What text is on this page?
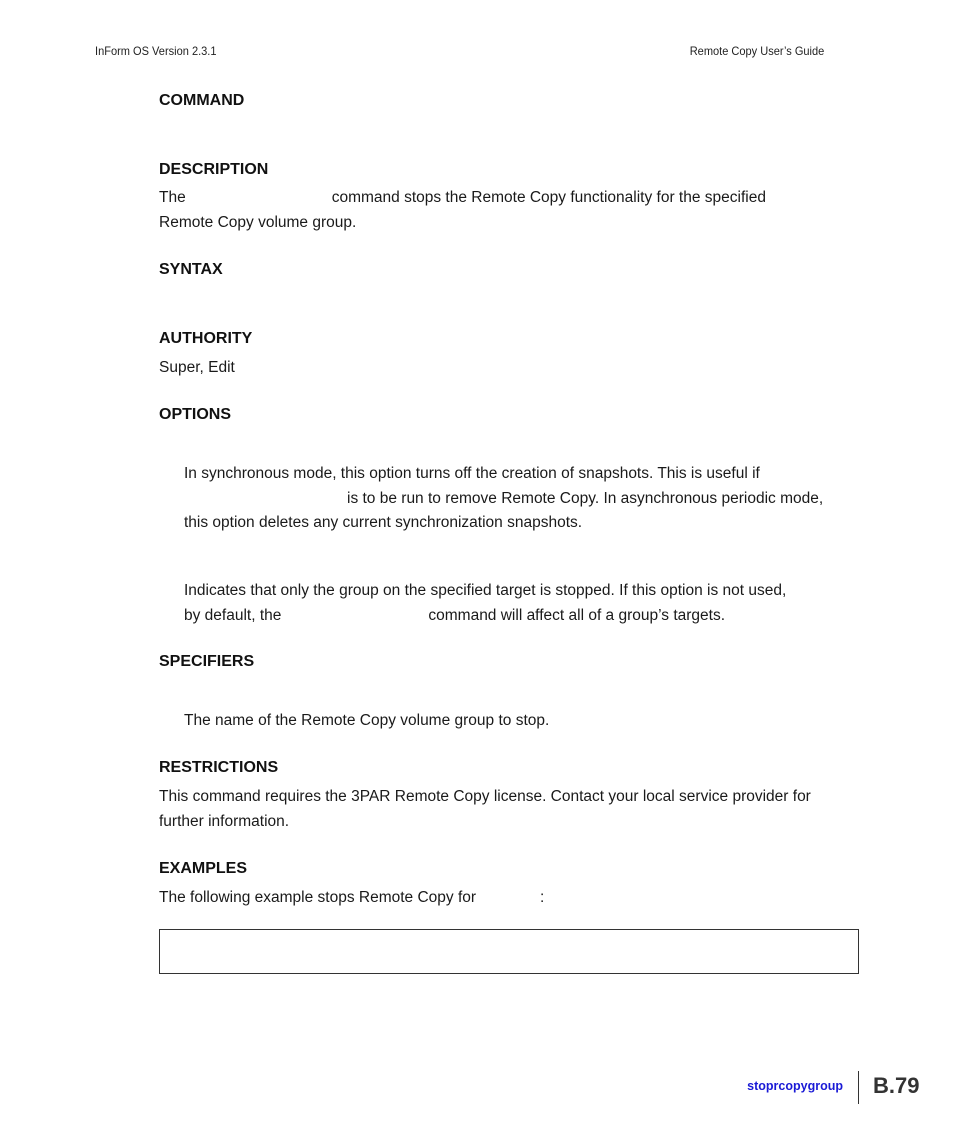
InForm OS Version 2.3.1	Remote Copy User’s Guide
COMMAND
DESCRIPTION
The	command stops the Remote Copy functionality for the specified
Remote Copy volume group.
SYNTAX
AUTHORITY
Super, Edit
OPTIONS
In synchronous mode, this option turns off the creation of snapshots. This is useful if
is to be run to remove Remote Copy. In asynchronous periodic mode,
this option deletes any current synchronization snapshots.
Indicates that only the group on the specified target is stopped. If this option is not used,
by default, the	command will affect all of a group’s targets.
SPECIFIERS
The name of the Remote Copy volume group to stop.
RESTRICTIONS
This command requires the 3PAR Remote Copy license. Contact your local service provider for
further information.
EXAMPLES
The following example stops Remote Copy for	:
stoprcopygroup B.79
